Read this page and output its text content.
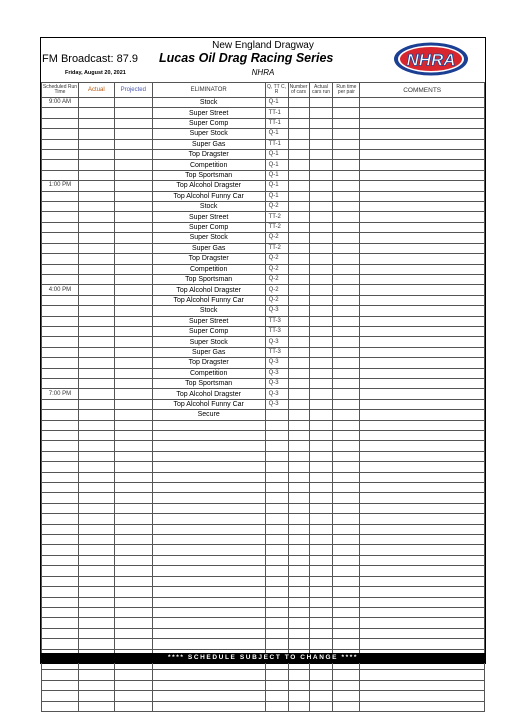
New England Dragway
FM Broadcast: 87.9 Lucas Oil Drag Racing Series
Friday, August 20, 2021	NHRA
NHRA
Scheduled Run Time	Actual	Projected	ELIMINATOR	Q, TT C, R	Number of cars	Actual cars run	Run time per pair	COMMENTS
9:00 AM			Stock	Q-1				
			Super Street	TT-1				
			Super Comp	TT-1				
			Super Stock	Q-1				
			Super Gas	TT-1				
			Top Dragster	Q-1				
			Competition	Q-1				
			Top Sportsman	Q-1				
1:00 PM			Top Alcohol Dragster	Q-1				
			Top Alcohol Funny Car	Q-1				
			Stock	Q-2				
			Super Street	TT-2				
			Super Comp	TT-2				
			Super Stock	Q-2				
			Super Gas	TT-2				
			Top Dragster	Q-2				
			Competition	Q-2				
			Top Sportsman	Q-2				
4:00 PM			Top Alcohol Dragster	Q-2				
			Top Alcohol Funny Car	Q-2				
			Stock	Q-3				
			Super Street	TT-3				
			Super Comp	TT-3				
			Super Stock	Q-3				
			Super Gas	TT-3				
			Top Dragster	Q-3				
			Competition	Q-3				
			Top Sportsman	Q-3				
7:00 PM			Top Alcohol Dragster	Q-3				
			Top Alcohol Funny Car	Q-3				
			Secure					

**** SCHEDULE SUBJECT TO CHANGE ****
